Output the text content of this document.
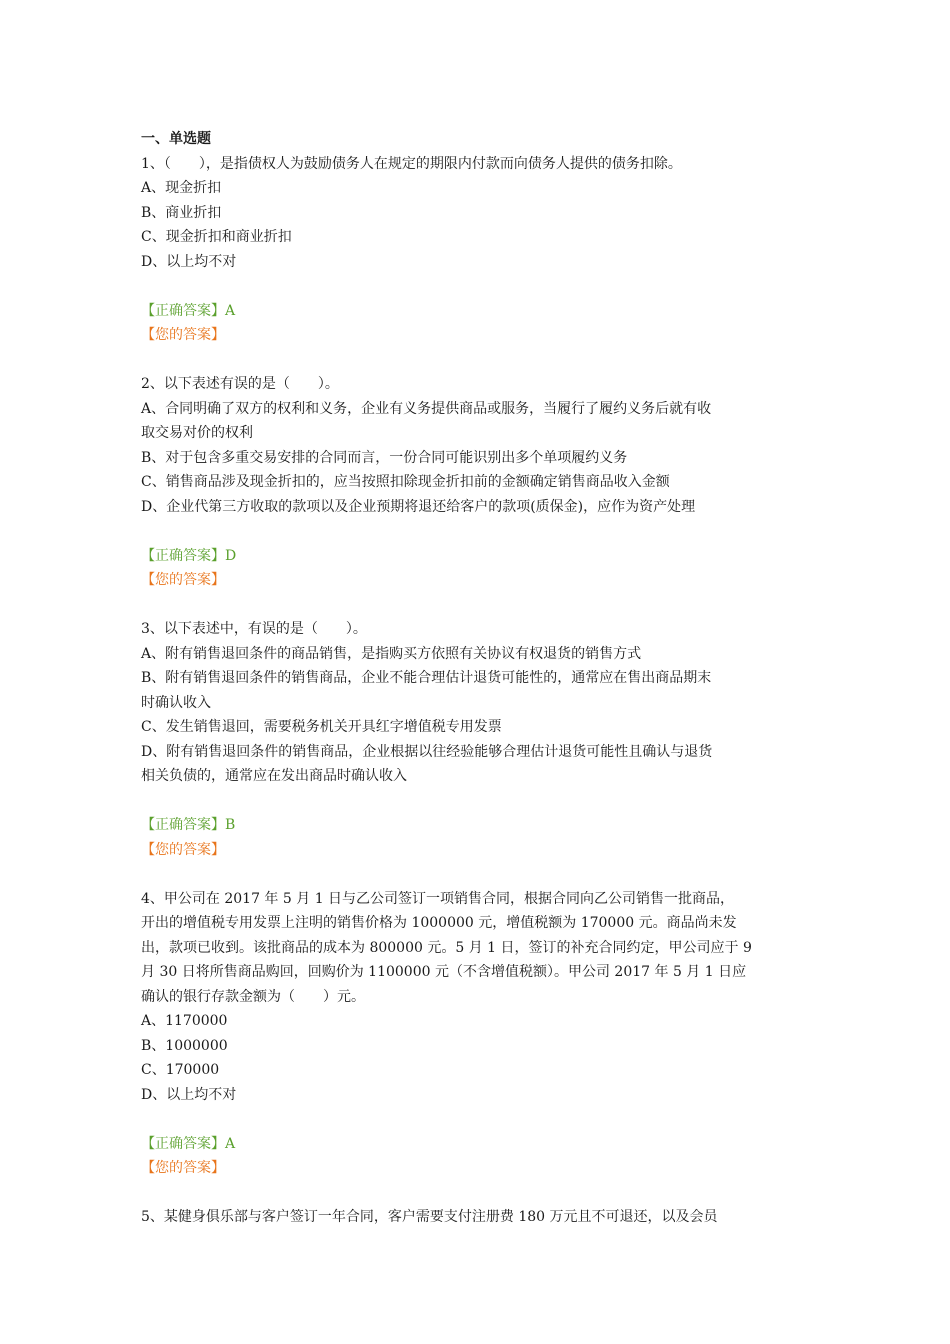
一、单选题
1、（　　），是指债权人为鼓励债务人在规定的期限内付款而向债务人提供的债务扣除。
A、现金折扣
B、商业折扣
C、现金折扣和商业折扣
D、以上均不对
【正确答案】A
【您的答案】
2、以下表述有误的是（　　）。
A、合同明确了双方的权利和义务，企业有义务提供商品或服务，当履行了履约义务后就有收
取交易对价的权利
B、对于包含多重交易安排的合同而言，一份合同可能识别出多个单项履约义务
C、销售商品涉及现金折扣的，应当按照扣除现金折扣前的金额确定销售商品收入金额
D、企业代第三方收取的款项以及企业预期将退还给客户的款项(质保金)，应作为资产处理
【正确答案】D
【您的答案】
3、以下表述中，有误的是（　　）。
A、附有销售退回条件的商品销售，是指购买方依照有关协议有权退货的销售方式
B、附有销售退回条件的销售商品，企业不能合理估计退货可能性的，通常应在售出商品期末
时确认收入
C、发生销售退回，需要税务机关开具红字增值税专用发票
D、附有销售退回条件的销售商品，企业根据以往经验能够合理估计退货可能性且确认与退货
相关负债的，通常应在发出商品时确认收入
【正确答案】B
【您的答案】
4、甲公司在 2017 年 5 月 1 日与乙公司签订一项销售合同，根据合同向乙公司销售一批商品，
开出的增值税专用发票上注明的销售价格为 1000000 元，增值税额为 170000 元。商品尚未发
出，款项已收到。该批商品的成本为 800000 元。5 月 1 日，签订的补充合同约定，甲公司应于 9
月 30 日将所售商品购回，回购价为 1100000 元（不含增值税额）。甲公司 2017 年 5 月 1 日应
确认的银行存款金额为（　　）元。
A、1170000
B、1000000
C、170000
D、以上均不对
【正确答案】A
【您的答案】
5、某健身俱乐部与客户签订一年合同，客户需要支付注册费 180 万元且不可退还，以及会员
